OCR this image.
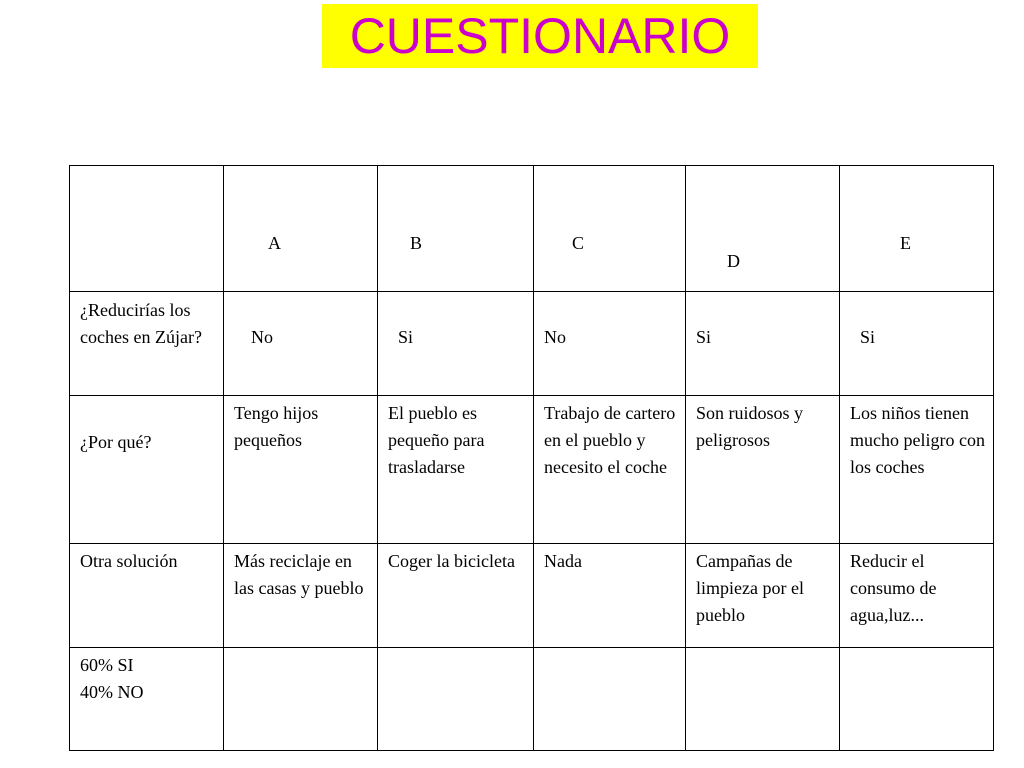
CUESTIONARIO

	A	B	C	D	E

¿Reducirías los coches en Zújar?	No	Si	No	Si	Si

¿Por qué?	Tengo hijos pequeños	El pueblo es pequeño para trasladarse	Trabajo de cartero en el pueblo y necesito el coche	Son ruidosos y peligrosos	Los niños tienen mucho peligro con los coches

Otra solución	Más reciclaje en las casas y pueblo	Coger la bicicleta	Nada	Campañas de limpieza por el pueblo	Reducir el consumo de agua,luz...

60% SI
40% NO					
